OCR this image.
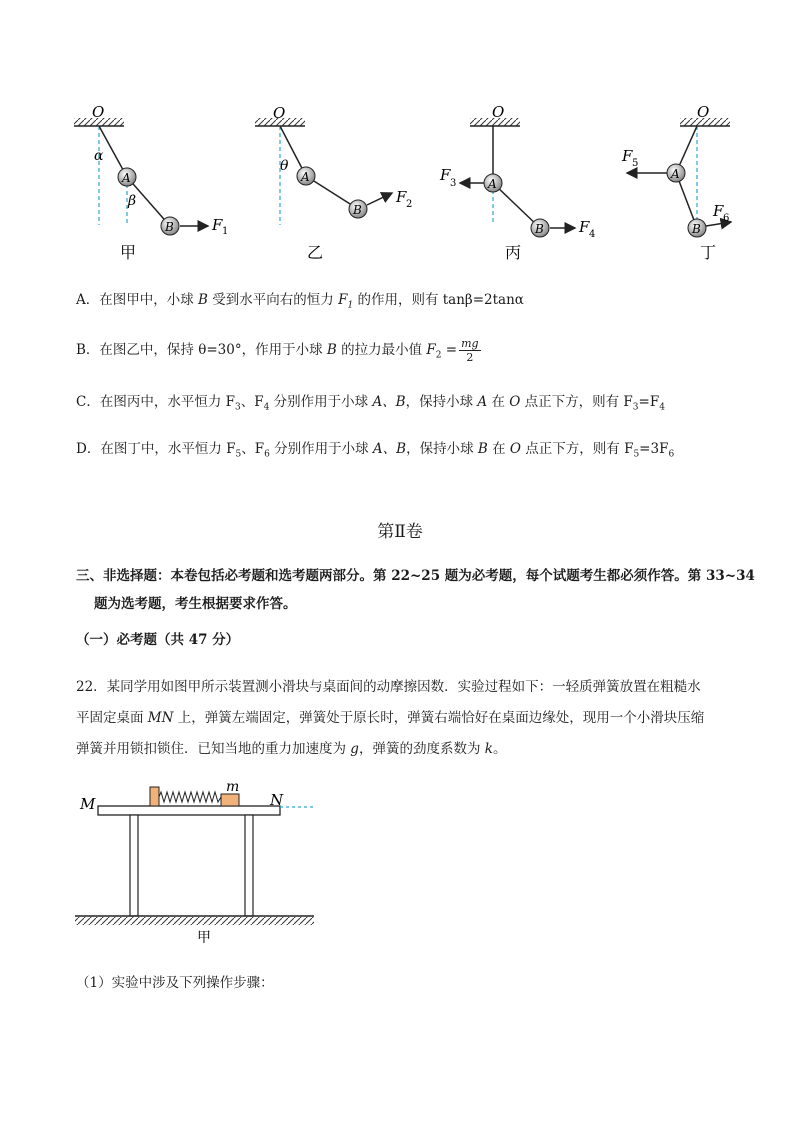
O
α
A
β
B	F 1
甲
O
θ
A
B
F 2
乙
O
A
B
F 3
F 4
丙
O
A
B
F 5
F 6
丁
A．在图甲中，小球 B 受到水平向右的恒力 $F_1$ 的作用，则有 tanβ=2tanα
B．在图乙中，保持 θ=30°，作用于小球 B 的拉力最小值 $F_2 = \frac{mg}{2}$
C．在图丙中，水平恒力 $F_3$、$F_4$ 分别作用于小球 A、B，保持小球 A 在 O 点正下方，则有 $F_3=F_4$
D．在图丁中，水平恒力 $F_5$、$F_6$ 分别作用于小球 A、B，保持小球 B 在 O 点正下方，则有 $F_5=3F_6$
第Ⅱ卷
三、非选择题：本卷包括必考题和选考题两部分。第 22~25 题为必考题，每个试题考生都必须作答。第 33~34
题为选考题，考生根据要求作答。
（一）必考题（共 47 分）
22．某同学用如图甲所示装置测小滑块与桌面间的动摩擦因数．实验过程如下：一轻质弹簧放置在粗糙水
平固定桌面 MN 上，弹簧左端固定，弹簧处于原长时，弹簧右端恰好在桌面边缘处，现用一个小滑块压缩
弹簧并用锁扣锁住．已知当地的重力加速度为 g，弹簧的劲度系数为 k。
M	N
m
甲
（1）实验中涉及下列操作步骤：
